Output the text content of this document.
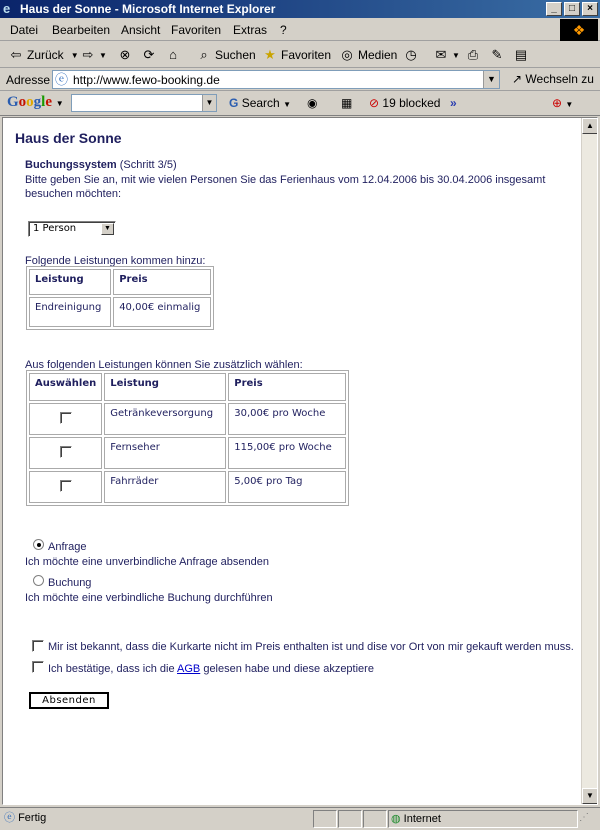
e Haus der Sonne - Microsoft Internet Explorer	_	□	×
Datei Bearbeiten Ansicht Favoriten Extras ?	❖
⇦ Zurück ▼ ⇨ ▼ ⊗ ⟳	⌂	⌕ Suchen ★ Favoriten ◎ Medien ◷ ✉ ▼ ⎙ ✎ ▤
Adresse ⓔ http://www.fewo-booking.de	▼ ↗ Wechseln zu
Google ▼	▼ G Search ▼ ◉ ▦ ⊘ 19 blocked »	⊕ ▼
Haus der Sonne
Buchungssystem (Schritt 3/5)
Bitte geben Sie an, mit wie vielen Personen Sie das Ferienhaus vom 12.04.2006 bis 30.04.2006 insgesamt
besuchen möchten:
1 Person	▼
Folgende Leistungen kommen hinzu:
Leistung	Preis
Endreinigung	40,00€ einmalig
Aus folgenden Leistungen können Sie zusätzlich wählen:
Auswählen	Leistung	Preis
	Getränkeversorgung	30,00€ pro Woche
	Fernseher	115,00€ pro Woche
	Fahrräder	5,00€ pro Tag
Anfrage
Ich möchte eine unverbindliche Anfrage absenden
Buchung
Ich möchte eine verbindliche Buchung durchführen
Mir ist bekannt, dass die Kurkarte nicht im Preis enthalten ist und dise vor Ort von mir gekauft werden muss.
Ich bestätige, dass ich die AGB gelesen habe und diese akzeptiere
Absenden
▲
▼
ⓔ Fertig	◍ Internet	⋰
